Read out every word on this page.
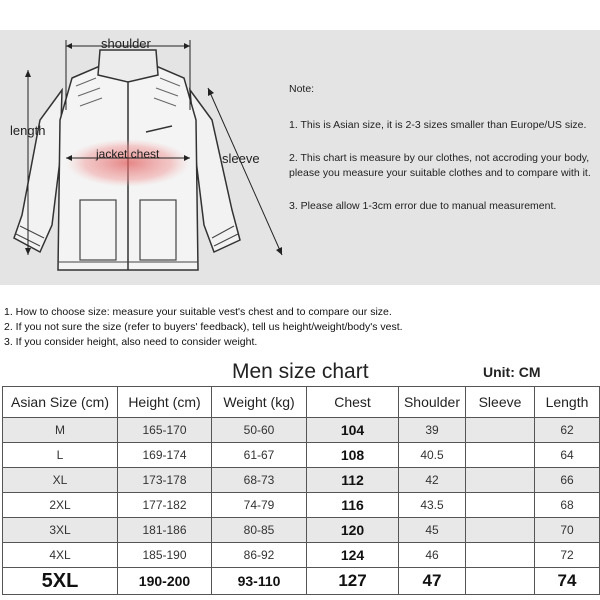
shoulder
length
jacket chest	sleeve
Note:
1. This is Asian size, it is 2-3 sizes smaller than Europe/US size.
2. This chart is measure by our clothes, not accroding your body, please you measure your suitable clothes and to compare with it.
3. Please allow 1-3cm error due to manual measurement.
1. How to choose size: measure your suitable vest's chest and to compare our size.
2. If you not sure the size (refer to buyers' feedback), tell us height/weight/body's vest.
3. If you consider height, also need to consider weight.
Men size chart	Unit: CM
Asian Size (cm)	Height (cm)	Weight (kg)	Chest	Shoulder	Sleeve	Length
M	165-170	50-60	104	39		62
L	169-174	61-67	108	40.5		64
XL	173-178	68-73	112	42		66
2XL	177-182	74-79	116	43.5		68
3XL	181-186	80-85	120	45		70
4XL	185-190	86-92	124	46		72
5XL	190-200	93-110	127	47		74
